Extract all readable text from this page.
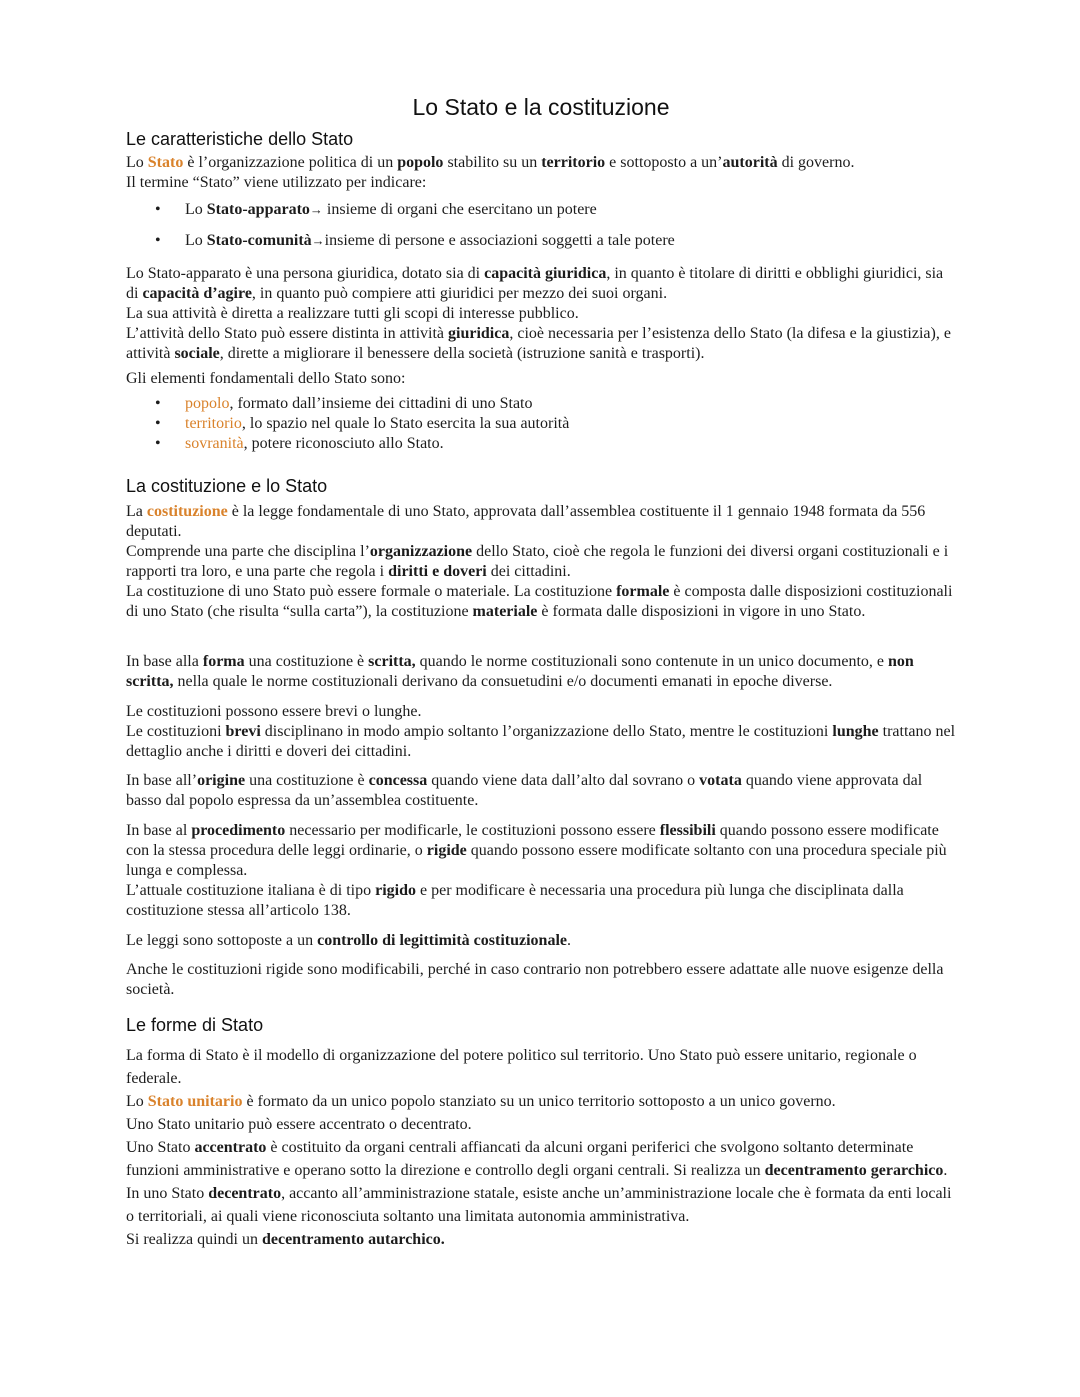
Lo Stato e la costituzione
Le caratteristiche dello Stato

Lo Stato è l’organizzazione politica di un popolo stabilito su un territorio e sottoposto a un’autorità di governo.

Il termine “Stato” viene utilizzato per indicare:

• Lo Stato-apparato→ insieme di organi che esercitano un potere
• Lo Stato-comunità→insieme di persone e associazioni soggetti a tale potere

Lo Stato-apparato è una persona giuridica, dotato sia di capacità giuridica, in quanto è titolare di diritti e obblighi giuridici, sia di capacità d’agire, in quanto può compiere atti giuridici per mezzo dei suoi organi.

La sua attività è diretta a realizzare tutti gli scopi di interesse pubblico.

L’attività dello Stato può essere distinta in attività giuridica, cioè necessaria per l’esistenza dello Stato (la difesa e la giustizia), e attività sociale, dirette a migliorare il benessere della società (istruzione sanità e trasporti).

Gli elementi fondamentali dello Stato sono:

• popolo, formato dall’insieme dei cittadini di uno Stato
• territorio, lo spazio nel quale lo Stato esercita la sua autorità
• sovranità, potere riconosciuto allo Stato.
La costituzione e lo Stato

La costituzione è la legge fondamentale di uno Stato, approvata dall’assemblea costituente il 1 gennaio 1948 formata da 556 deputati.

Comprende una parte che disciplina l’organizzazione dello Stato, cioè che regola le funzioni dei diversi organi costituzionali e i rapporti tra loro, e una parte che regola i diritti e doveri dei cittadini.

La costituzione di uno Stato può essere formale o materiale. La costituzione formale è composta dalle disposizioni costituzionali di uno Stato (che risulta “sulla carta”), la costituzione materiale è formata dalle disposizioni in vigore in uno Stato.

In base alla forma una costituzione è scritta, quando le norme costituzionali sono contenute in un unico documento, e non scritta, nella quale le norme costituzionali derivano da consuetudini e/o documenti emanati in epoche diverse.

Le costituzioni possono essere brevi o lunghe.

Le costituzioni brevi disciplinano in modo ampio soltanto l’organizzazione dello Stato, mentre le costituzioni lunghe trattano nel dettaglio anche i diritti e doveri dei cittadini.

In base all’origine una costituzione è concessa quando viene data dall’alto dal sovrano o votata quando viene approvata dal basso dal popolo espressa da un’assemblea costituente.

In base al procedimento necessario per modificarle, le costituzioni possono essere flessibili quando possono essere modificate con la stessa procedura delle leggi ordinarie, o rigide quando possono essere modificate soltanto con una procedura speciale più lunga e complessa.

L’attuale costituzione italiana è di tipo rigido e per modificare è necessaria una procedura più lunga che disciplinata dalla costituzione stessa all’articolo 138.

Le leggi sono sottoposte a un controllo di legittimità costituzionale.

Anche le costituzioni rigide sono modificabili, perché in caso contrario non potrebbero essere adattate alle nuove esigenze della società.

Le forme di Stato

La forma di Stato è il modello di organizzazione del potere politico sul territorio. Uno Stato può essere unitario, regionale o federale.

Lo Stato unitario è formato da un unico popolo stanziato su un unico territorio sottoposto a un unico governo.

Uno Stato unitario può essere accentrato o decentrato.

Uno Stato accentrato è costituito da organi centrali affiancati da alcuni organi periferici che svolgono soltanto determinate funzioni amministrative e operano sotto la direzione e controllo degli organi centrali. Si realizza un decentramento gerarchico.

In uno Stato decentrato, accanto all’amministrazione statale, esiste anche un’amministrazione locale che è formata da enti locali o territoriali, ai quali viene riconosciuta soltanto una limitata autonomia amministrativa.

Si realizza quindi un decentramento autarchico.
